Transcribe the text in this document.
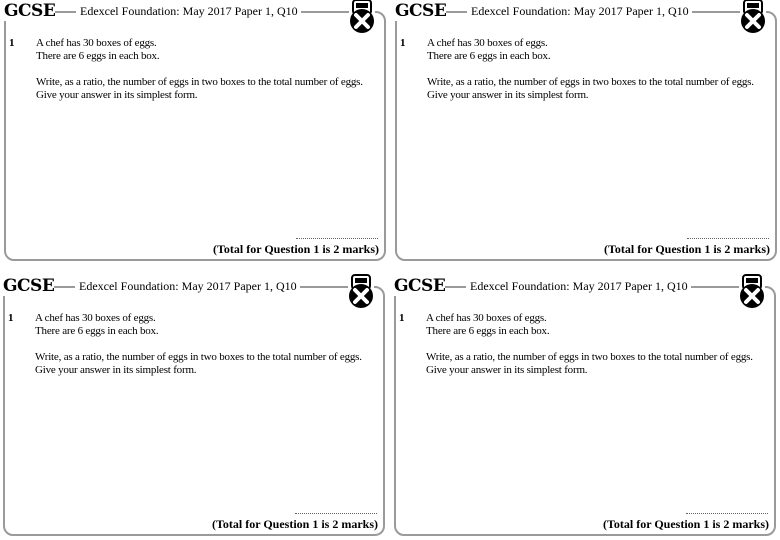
GCSE	Edexcel Foundation: May 2017 Paper 1, Q10
1 A chef has 30 boxes of eggs.

There are 6 eggs in each box.

Write, as a ratio, the number of eggs in two boxes to the total number of eggs.

Give your answer in its simplest form.

(Total for Question 1 is 2 marks)
GCSE	Edexcel Foundation: May 2017 Paper 1, Q10
1 A chef has 30 boxes of eggs.

There are 6 eggs in each box.

Write, as a ratio, the number of eggs in two boxes to the total number of eggs.

Give your answer in its simplest form.

(Total for Question 1 is 2 marks)
GCSE	Edexcel Foundation: May 2017 Paper 1, Q10
1 A chef has 30 boxes of eggs.

There are 6 eggs in each box.

Write, as a ratio, the number of eggs in two boxes to the total number of eggs.

Give your answer in its simplest form.

(Total for Question 1 is 2 marks)
GCSE	Edexcel Foundation: May 2017 Paper 1, Q10
1 A chef has 30 boxes of eggs.

There are 6 eggs in each box.

Write, as a ratio, the number of eggs in two boxes to the total number of eggs.

Give your answer in its simplest form.

(Total for Question 1 is 2 marks)
